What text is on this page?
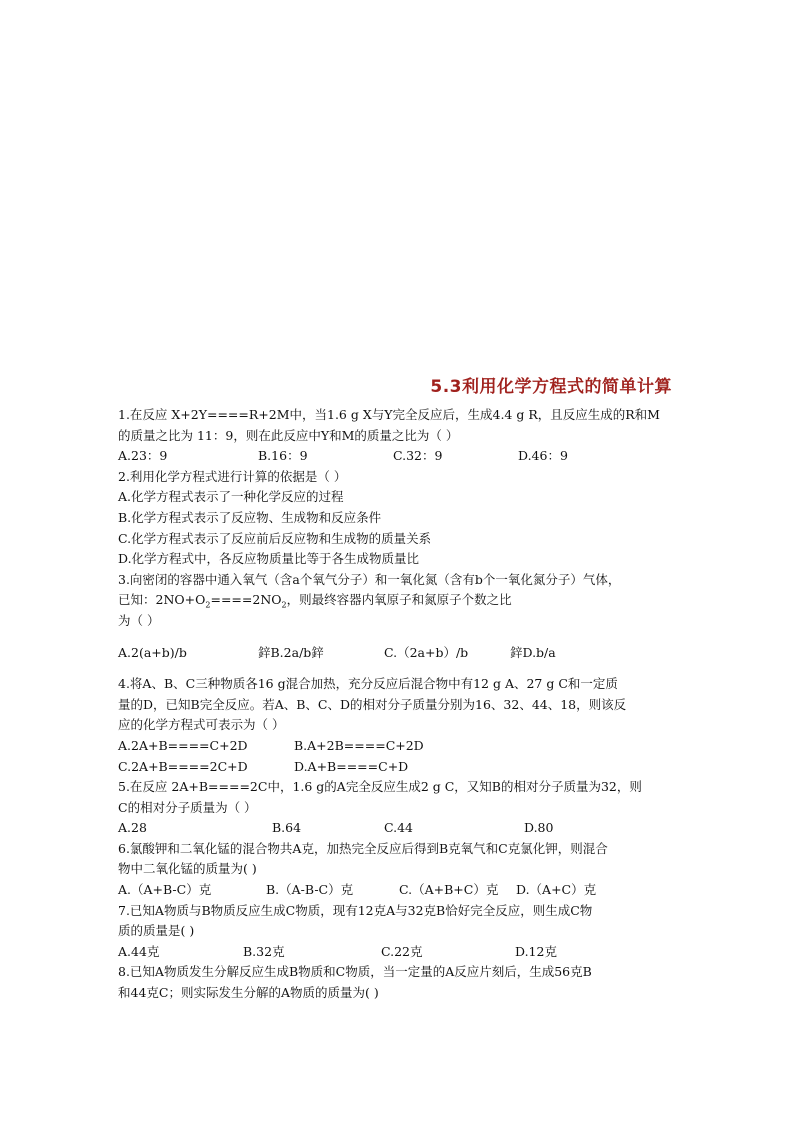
5.3利用化学方程式的简单计算
1.在反应 X+2Y====R+2M中，当1.6 g X与Y完全反应后，生成4.4 g R，且反应生成的R和M
的质量之比为 11：9，则在此反应中Y和M的质量之比为（ ）
A.23：9	B.16：9	C.32：9	D.46：9
2.利用化学方程式进行计算的依据是（ ）
A.化学方程式表示了一种化学反应的过程
B.化学方程式表示了反应物、生成物和反应条件
C.化学方程式表示了反应前后反应物和生成物的质量关系
D.化学方程式中，各反应物质量比等于各生成物质量比
3.向密闭的容器中通入氧气（含a个氧气分子）和一氧化氮（含有b个一氧化氮分子）气体，
已知：$2NO+O_2====2NO_2$，则最终容器内氧原子和氮原子个数之比
为（ ）
A.2(a+b)/b	鋅B.2a/b鋅	C.（2a+b）/b	鋅D.b/a
4.将A、B、C三种物质各16 g混合加热，充分反应后混合物中有12 g A、27 g C和一定质
量的D，已知B完全反应。若A、B、C、D的相对分子质量分别为16、32、44、18，则该反
应的化学方程式可表示为（ ）
A.2A+B====C+2D	B.A+2B====C+2D
C.2A+B====2C+D	D.A+B====C+D
5.在反应 2A+B====2C中，1.6 g的A完全反应生成2 g C，又知B的相对分子质量为32，则
C的相对分子质量为（ ）
A.28	B.64	C.44	D.80
6.氯酸钾和二氧化锰的混合物共A克，加热完全反应后得到B克氧气和C克氯化钾，则混合
物中二氧化锰的质量为( )
A.（A+B-C）克	B.（A-B-C）克	C.（A+B+C）克	D.（A+C）克
7.已知A物质与B物质反应生成C物质，现有12克A与32克B恰好完全反应，则生成C物
质的质量是( )
A.44克	B.32克	C.22克	D.12克
8.已知A物质发生分解反应生成B物质和C物质，当一定量的A反应片刻后，生成56克B
和44克C；则实际发生分解的A物质的质量为( )
